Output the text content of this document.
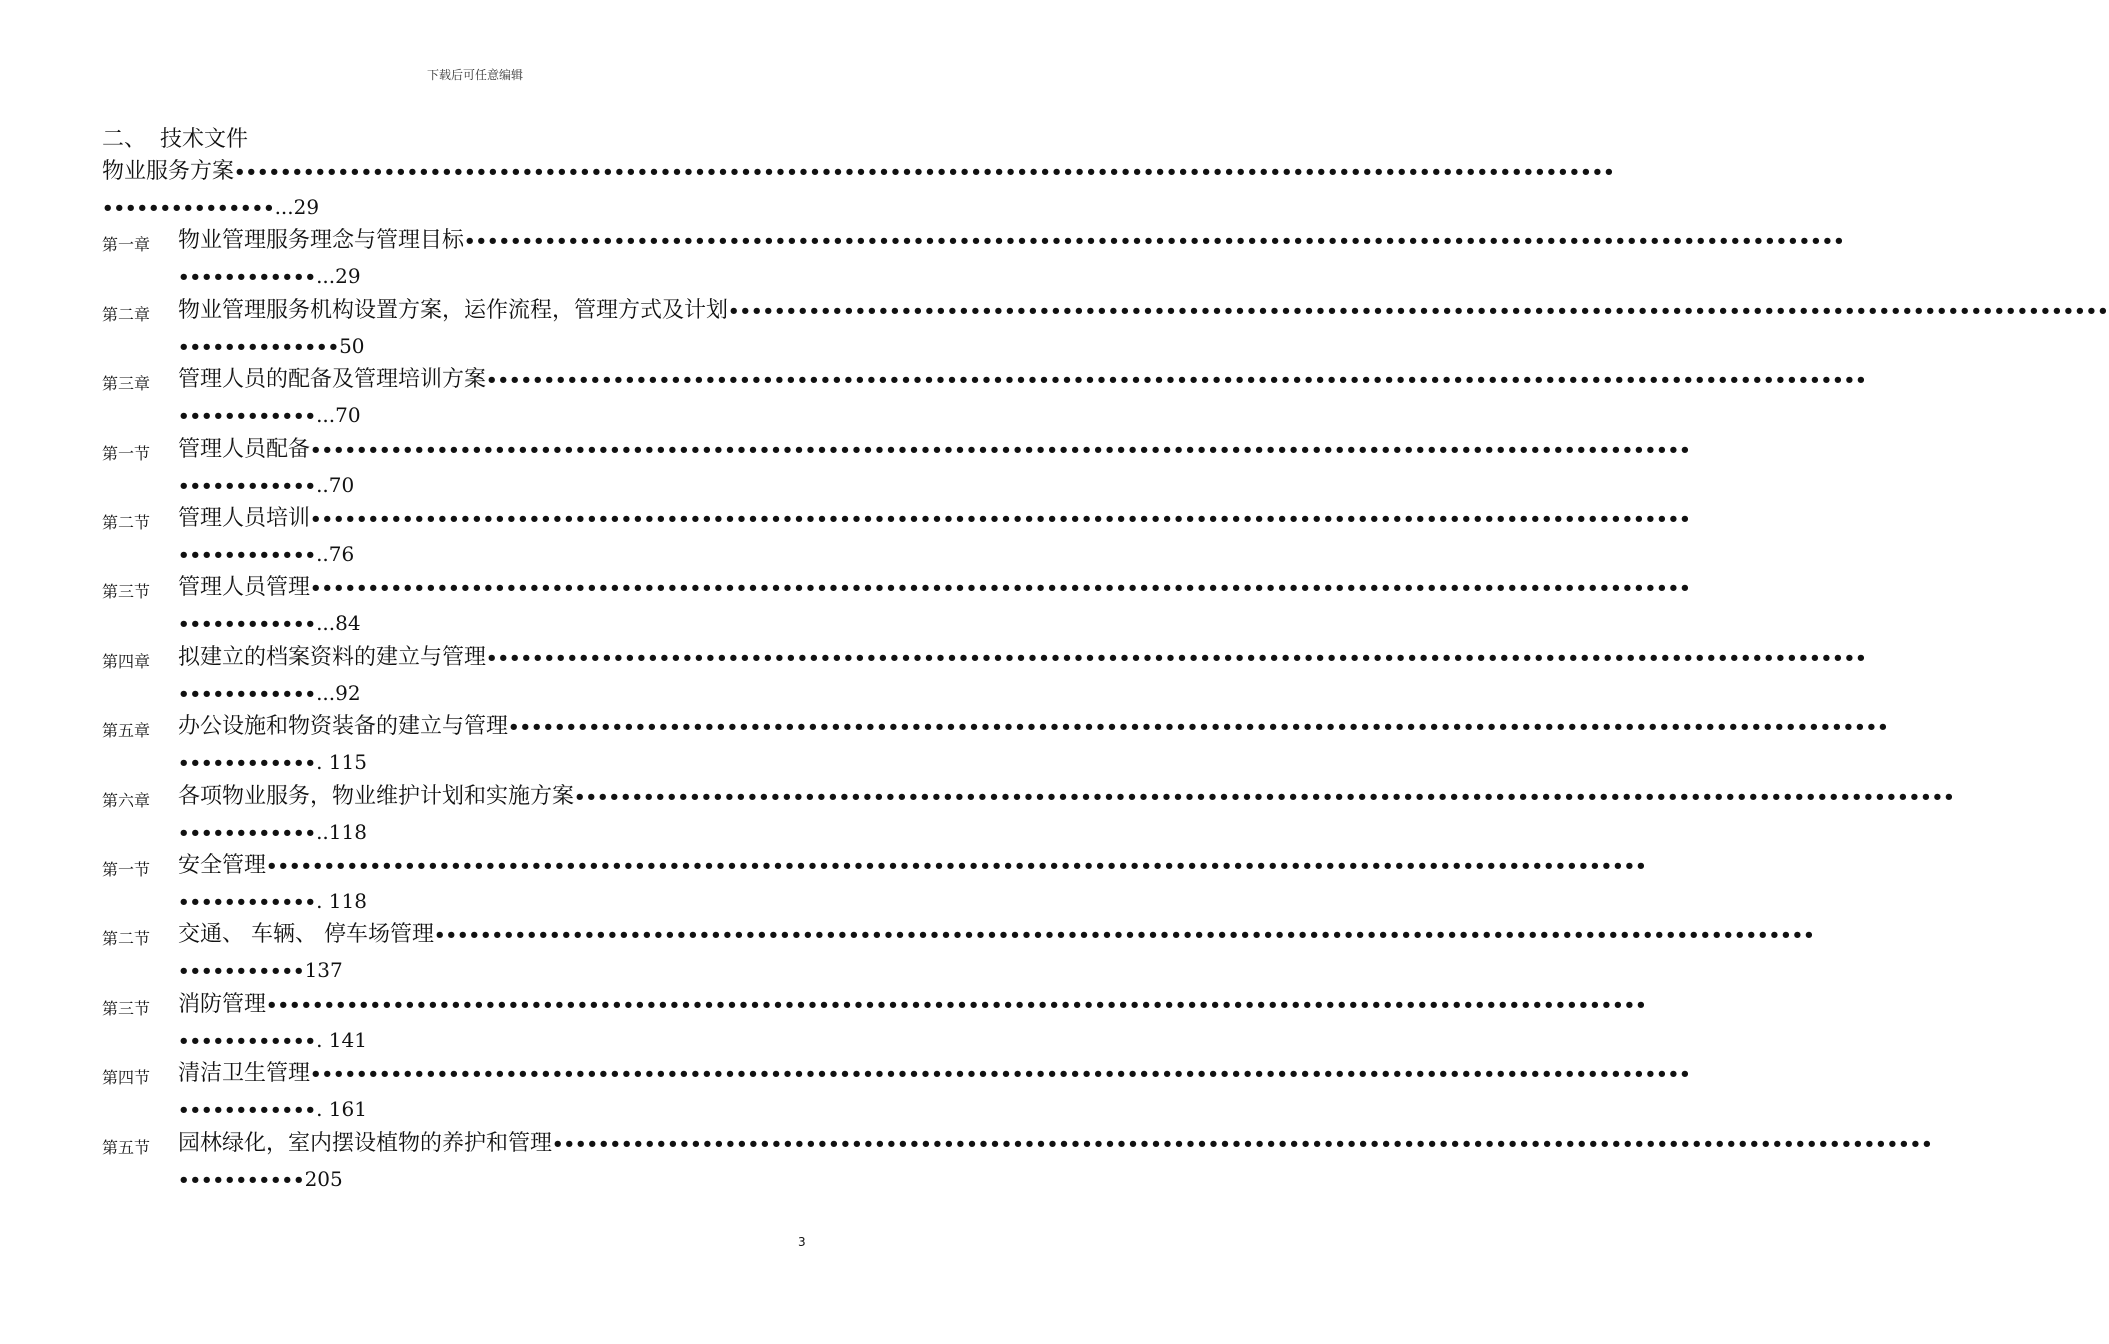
下载后可任意编辑
二、 技术文件
物业服务方案••••••••••••••••••••••••••••••••••••••••••••••••••••••••••••••••••••••••••••••••••••••••••••••••••••••••••••••••••••••••
•••••••••••••••...29
第一章 物业管理服务理念与管理目标••••••••••••••••••••••••••••••••••••••••••••••••••••••••••••••••••••••••••••••••••••••••••••••••••••••••••••••••••••••••
••••••••••••...29
第二章 物业管理服务机构设置方案，运作流程，管理方式及计划••••••••••••••••••••••••••••••••••••••••••••••••••••••••••••••••••••••••••••••••••••••••••••••••••••••••••••••••••••••••
••••••••••••••50
第三章 管理人员的配备及管理培训方案••••••••••••••••••••••••••••••••••••••••••••••••••••••••••••••••••••••••••••••••••••••••••••••••••••••••••••••••••••••••
••••••••••••...70
第一节 管理人员配备••••••••••••••••••••••••••••••••••••••••••••••••••••••••••••••••••••••••••••••••••••••••••••••••••••••••••••••••••••••••
••••••••••••..70
第二节 管理人员培训••••••••••••••••••••••••••••••••••••••••••••••••••••••••••••••••••••••••••••••••••••••••••••••••••••••••••••••••••••••••
••••••••••••..76
第三节 管理人员管理••••••••••••••••••••••••••••••••••••••••••••••••••••••••••••••••••••••••••••••••••••••••••••••••••••••••••••••••••••••••
••••••••••••...84
第四章 拟建立的档案资料的建立与管理••••••••••••••••••••••••••••••••••••••••••••••••••••••••••••••••••••••••••••••••••••••••••••••••••••••••••••••••••••••••
••••••••••••...92
第五章 办公设施和物资装备的建立与管理••••••••••••••••••••••••••••••••••••••••••••••••••••••••••••••••••••••••••••••••••••••••••••••••••••••••••••••••••••••••
••••••••••••. 115
第六章 各项物业服务，物业维护计划和实施方案••••••••••••••••••••••••••••••••••••••••••••••••••••••••••••••••••••••••••••••••••••••••••••••••••••••••••••••••••••••••
••••••••••••..118
第一节 安全管理••••••••••••••••••••••••••••••••••••••••••••••••••••••••••••••••••••••••••••••••••••••••••••••••••••••••••••••••••••••••
••••••••••••. 118
第二节 交通、 车辆、 停车场管理••••••••••••••••••••••••••••••••••••••••••••••••••••••••••••••••••••••••••••••••••••••••••••••••••••••••••••••••••••••••
•••••••••••137
第三节 消防管理••••••••••••••••••••••••••••••••••••••••••••••••••••••••••••••••••••••••••••••••••••••••••••••••••••••••••••••••••••••••
••••••••••••. 141
第四节 清洁卫生管理••••••••••••••••••••••••••••••••••••••••••••••••••••••••••••••••••••••••••••••••••••••••••••••••••••••••••••••••••••••••
••••••••••••. 161
第五节 园林绿化，室内摆设植物的养护和管理••••••••••••••••••••••••••••••••••••••••••••••••••••••••••••••••••••••••••••••••••••••••••••••••••••••••••••••••••••••••
•••••••••••205
3
